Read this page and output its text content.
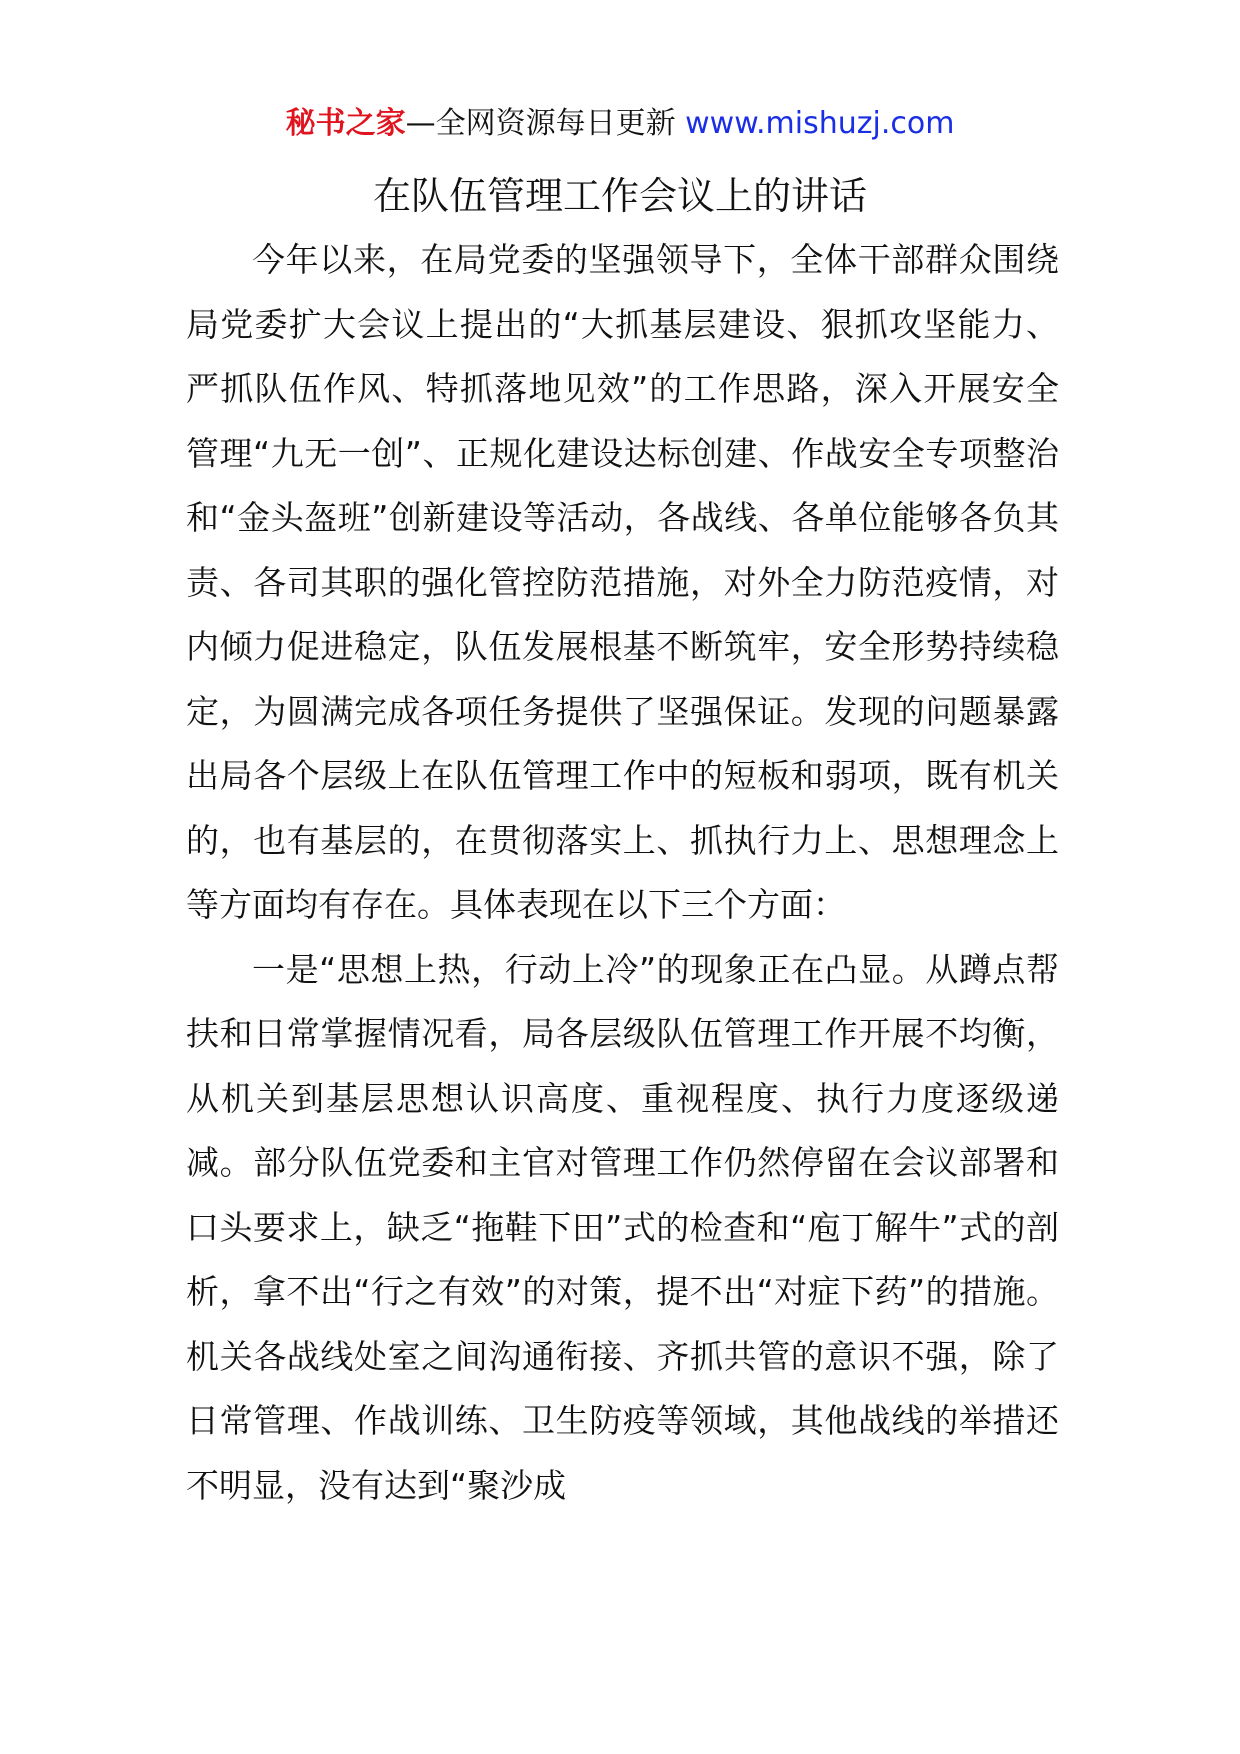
秘书之家—全网资源每日更新 www.mishuzj.com
在队伍管理工作会议上的讲话

今年以来，在局党委的坚强领导下，全体干部群众围绕局党委扩大会议上提出的“大抓基层建设、狠抓攻坚能力、严抓队伍作风、特抓落地见效”的工作思路，深入开展安全管理“九无一创”、正规化建设达标创建、作战安全专项整治和“金头盔班”创新建设等活动，各战线、各单位能够各负其责、各司其职的强化管控防范措施，对外全力防范疫情，对内倾力促进稳定，队伍发展根基不断筑牢，安全形势持续稳定，为圆满完成各项任务提供了坚强保证。发现的问题暴露出局各个层级上在队伍管理工作中的短板和弱项，既有机关的，也有基层的，在贯彻落实上、抓执行力上、思想理念上等方面均有存在。具体表现在以下三个方面：

一是“思想上热，行动上冷”的现象正在凸显。从蹲点帮扶和日常掌握情况看，局各层级队伍管理工作开展不均衡，从机关到基层思想认识高度、重视程度、执行力度逐级递减。部分队伍党委和主官对管理工作仍然停留在会议部署和口头要求上，缺乏“拖鞋下田”式的检查和“庖丁解牛”式的剖析，拿不出“行之有效”的对策，提不出“对症下药”的措施。机关各战线处室之间沟通衔接、齐抓共管的意识不强，除了日常管理、作战训练、卫生防疫等领域，其他战线的举措还不明显，没有达到“聚沙成
